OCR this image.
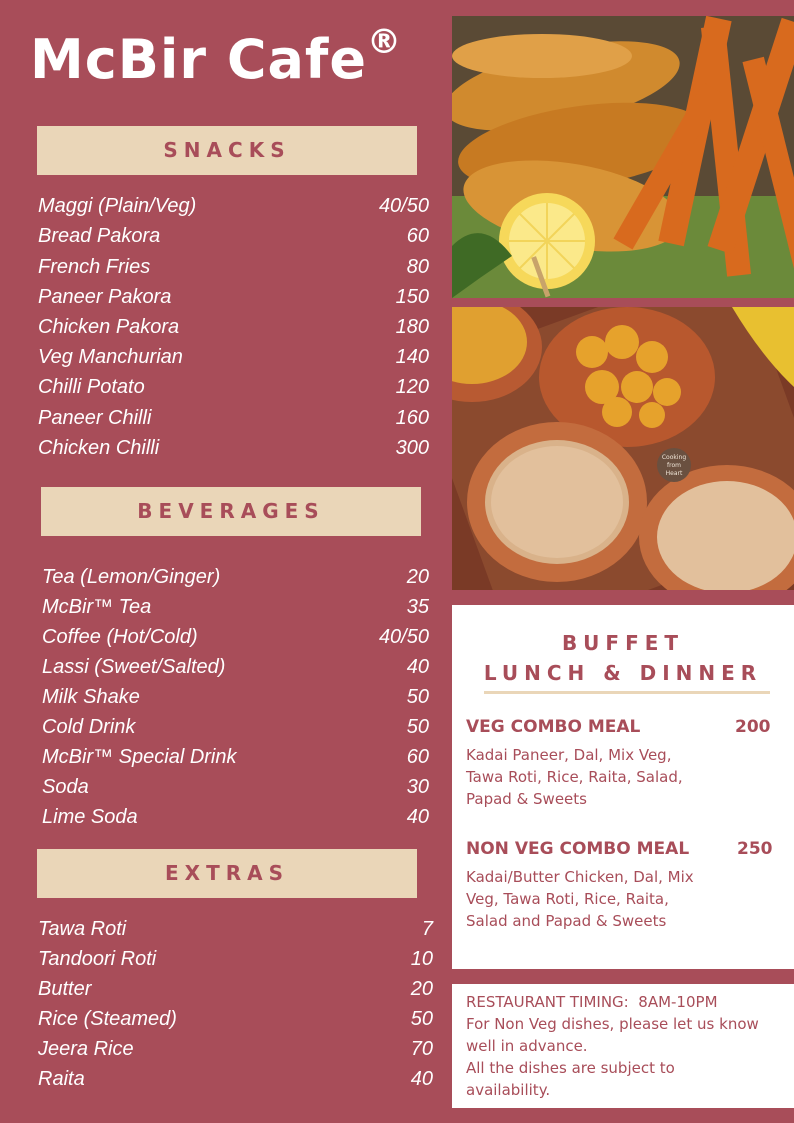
McBir Cafe®
SNACKS
Maggi (Plain/Veg)	40/50
Bread Pakora	60
French Fries	80
Paneer Pakora	150
Chicken Pakora	180
Veg Manchurian	140
Chilli Potato	120
Paneer Chilli	160
Chicken Chilli	300
BEVERAGES
Tea (Lemon/Ginger)	20
McBir™ Tea	35
Coffee (Hot/Cold)	40/50
Lassi (Sweet/Salted)	40
Milk Shake	50
Cold Drink	50
McBir™ Special Drink	60
Soda	30
Lime Soda	40
EXTRAS
Tawa Roti	7
Tandoori Roti	10
Butter	20
Rice (Steamed)	50
Jeera Rice	70
Raita	40
Cooking
from
Heart
BUFFET
LUNCH & DINNER
VEG COMBO MEAL	200
Kadai Paneer, Dal, Mix Veg, Tawa Roti, Rice, Raita, Salad, Papad & Sweets
NON VEG COMBO MEAL	250
Kadai/Butter Chicken, Dal, Mix Veg, Tawa Roti, Rice, Raita, Salad and Papad & Sweets

RESTAURANT TIMING:  8AM-10PM

For Non Veg dishes, please let us know well in advance.

All the dishes are subject to availability.
